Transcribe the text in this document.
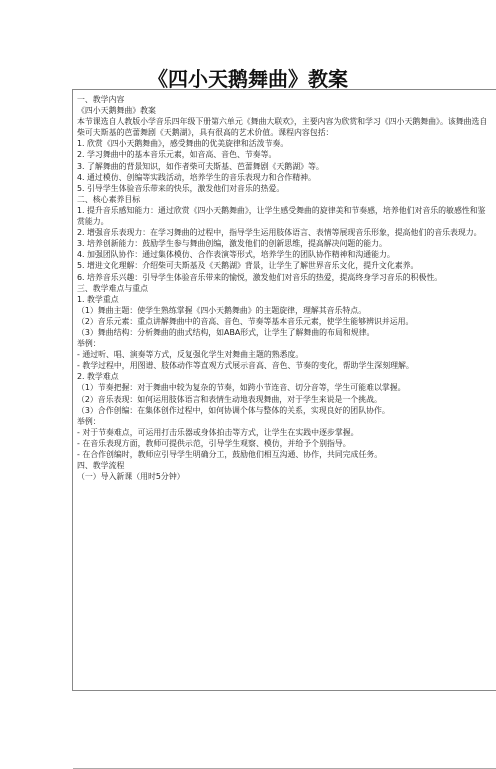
《四小天鹅舞曲》教案
一、教学内容
《四小天鹅舞曲》教案
本节课选自人教版小学音乐四年级下册第六单元《舞曲大联欢》，主要内容为欣赏和学习《四小天鹅舞曲》。该舞曲选自柴可夫斯基的芭蕾舞剧《天鹅湖》，具有很高的艺术价值。课程内容包括：
1. 欣赏《四小天鹅舞曲》，感受舞曲的优美旋律和活泼节奏。
2. 学习舞曲中的基本音乐元素，如音高、音色、节奏等。
3. 了解舞曲的背景知识，如作者柴可夫斯基、芭蕾舞剧《天鹅湖》等。
4. 通过模仿、创编等实践活动，培养学生的音乐表现力和合作精神。
5. 引导学生体验音乐带来的快乐，激发他们对音乐的热爱。
二、核心素养目标
1. 提升音乐感知能力：通过欣赏《四小天鹅舞曲》，让学生感受舞曲的旋律美和节奏感，培养他们对音乐的敏感性和鉴赏能力。
2. 增强音乐表现力：在学习舞曲的过程中，指导学生运用肢体语言、表情等展现音乐形象，提高他们的音乐表现力。
3. 培养创新能力：鼓励学生参与舞曲创编，激发他们的创新思维，提高解决问题的能力。
4. 加强团队协作：通过集体模仿、合作表演等形式，培养学生的团队协作精神和沟通能力。
5. 增进文化理解：介绍柴可夫斯基及《天鹅湖》背景，让学生了解世界音乐文化，提升文化素养。
6. 培养音乐兴趣：引导学生体验音乐带来的愉悦，激发他们对音乐的热爱，提高终身学习音乐的积极性。
三、教学难点与重点
1. 教学重点
（1）舞曲主题：使学生熟练掌握《四小天鹅舞曲》的主题旋律，理解其音乐特点。
（2）音乐元素：重点讲解舞曲中的音高、音色、节奏等基本音乐元素，使学生能够辨识并运用。
（3）舞曲结构：分析舞曲的曲式结构，如ABA形式，让学生了解舞曲的布局和规律。
举例：
- 通过听、唱、演奏等方式，反复强化学生对舞曲主题的熟悉度。
- 教学过程中，用图谱、肢体动作等直观方式展示音高、音色、节奏的变化，帮助学生深刻理解。
2. 教学难点
（1）节奏把握：对于舞曲中较为复杂的节奏，如跨小节连音、切分音等，学生可能难以掌握。
（2）音乐表现：如何运用肢体语言和表情生动地表现舞曲，对于学生来说是一个挑战。
（3）合作创编：在集体创作过程中，如何协调个体与整体的关系，实现良好的团队协作。
举例：
- 对于节奏难点，可运用打击乐器或身体拍击等方式，让学生在实践中逐步掌握。
- 在音乐表现方面，教师可提供示范，引导学生观察、模仿，并给予个别指导。
- 在合作创编时，教师应引导学生明确分工，鼓励他们相互沟通、协作，共同完成任务。
四、教学流程
（一）导入新课（用时5分钟）
